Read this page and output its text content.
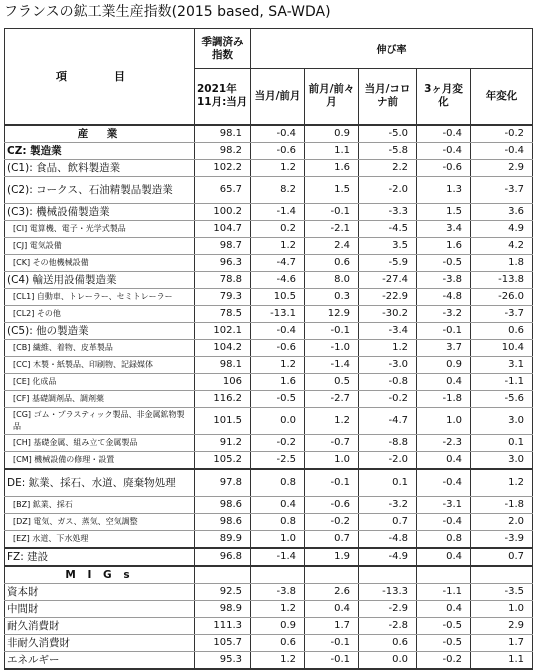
フランスの鉱工業生産指数(2015 based, SA-WDA)
項　目	季調済み指数	伸び率				
	2021年11月:当月	当月/前月	前月/前々月	当月/コロナ前	3ヶ月変化	年変化
産　業	98.1	-0.4	0.9	-5.0	-0.4	-0.2
CZ: 製造業	98.2	-0.6	1.1	-5.8	-0.4	-0.4
(C1): 食品、飲料製造業	102.2	1.2	1.6	2.2	-0.6	2.9
(C2): コークス、石油精製品製造業	65.7	8.2	1.5	-2.0	1.3	-3.7
(C3): 機械設備製造業	100.2	-1.4	-0.1	-3.3	1.5	3.6
[CI] 電算機、電子・光学式製品	104.7	0.2	-2.1	-4.5	3.4	4.9
[CJ] 電気設備	98.7	1.2	2.4	3.5	1.6	4.2
[CK] その他機械設備	96.3	-4.7	0.6	-5.9	-0.5	1.8
(C4) 輸送用設備製造業	78.8	-4.6	8.0	-27.4	-3.8	-13.8
[CL1] 自動車、トレーラー、セミトレーラー	79.3	10.5	0.3	-22.9	-4.8	-26.0
[CL2] その他	78.5	-13.1	12.9	-30.2	-3.2	-3.7
(C5): 他の製造業	102.1	-0.4	-0.1	-3.4	-0.1	0.6
[CB] 繊維、着物、皮革製品	104.2	-0.6	-1.0	1.2	3.7	10.4
[CC] 木製・紙製品、印刷物、記録媒体	98.1	1.2	-1.4	-3.0	0.9	3.1
[CE] 化成品	106	1.6	0.5	-0.8	0.4	-1.1
[CF] 基礎調剤品、調剤薬	116.2	-0.5	-2.7	-0.2	-1.8	-5.6
[CG] ゴム・プラスティック製品、非金属鉱物製品	101.5	0.0	1.2	-4.7	1.0	3.0
[CH] 基礎金属、組み立て金属製品	91.2	-0.2	-0.7	-8.8	-2.3	0.1
[CM] 機械設備の修理・設置	105.2	-2.5	1.0	-2.0	0.4	3.0
DE: 鉱業、採石、水道、廃棄物処理	97.8	0.8	-0.1	0.1	-0.4	1.2
[BZ] 鉱業、採石	98.6	0.4	-0.6	-3.2	-3.1	-1.8
[DZ] 電気、ガス、蒸気、空気調整	98.6	0.8	-0.2	0.7	-0.4	2.0
[EZ] 水道、下水処理	89.9	1.0	0.7	-4.8	0.8	-3.9
FZ: 建設	96.8	-1.4	1.9	-4.9	0.4	0.7
M I G s						
資本財	92.5	-3.8	2.6	-13.3	-1.1	-3.5
中間財	98.9	1.2	0.4	-2.9	0.4	1.0
耐久消費財	111.3	0.9	1.7	-2.8	-0.5	2.9
非耐久消費財	105.7	0.6	-0.1	0.6	-0.5	1.7
エネルギー	95.3	1.2	-0.1	0.0	-0.2	1.1
